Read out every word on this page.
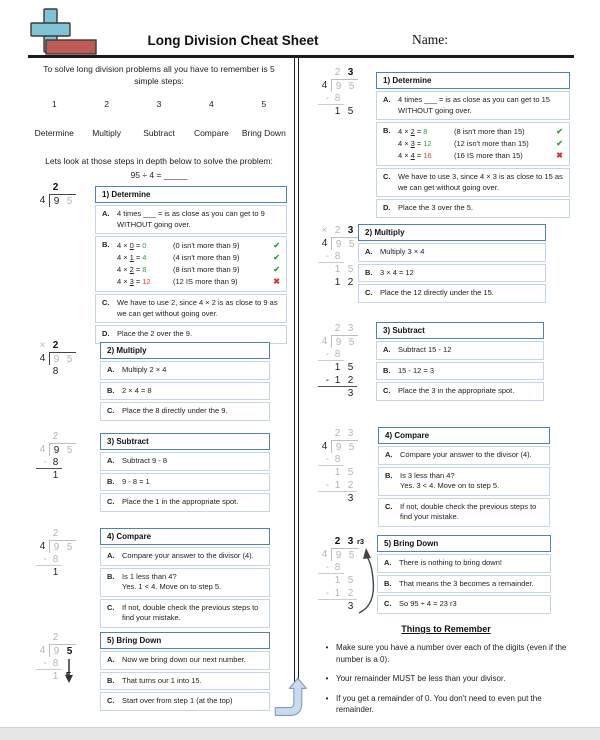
Long Division Cheat Sheet	Name:
To solve long division problems all you have to remember is 5 simple steps:
1	2	3	4	5
Determine	Multiply	Subtract	Compare	Bring Down
Lets look at those steps in depth below to solve the problem:
95 ÷ 4 = _____
2
4 9 5
× 2
4 9 5
8
2
4 9 5
- 8
1
2
4 9 5
- 8
1
2
4 9 5
- 8
1
1) Determine
A.	4 times ___ = is as close as you can get to 9 WITHOUT going over.
B.	4 × 0 = 0	(0 isn't more than 9)	✔
4 × 1 = 4	(4 isn't more than 9)	✔
4 × 2 = 8	(8 isn't more than 9)	✔
4 × 3 = 12	(12 IS more than 9)	✖
C.	We have to use 2, since 4 × 2 is as close to 9 as we can get without going over.
D.	Place the 2 over the 9.
2) Multiply
A.	Multiply 2 × 4
B.	2 × 4 = 8
C.	Place the 8 directly under the 9.
3) Subtract
A.	Subtract 9 - 8
B.	9 - 8 = 1
C.	Place the 1 in the appropriate spot.
4) Compare
A.	Compare your answer to the divisor (4).
B.	Is 1 less than 4?
Yes. 1 < 4. Move on to step 5.
C.	If not, double check the previous steps to find your mistake.
5) Bring Down
A.	Now we bring down our next number.
B.	That turns our 1 into 15.
C.	Start over from step 1 (at the top)
2 3
4 9 5
- 8
1 5
× 2 3
4 9 5
- 8
1 5
1 2
2 3
4 9 5
- 8
1 5
- 1 2
3
2 3
4 9 5
- 8
1 5
- 1 2
3
2 3 r3
4 9 5
- 8
1 5
- 1 2
3
1) Determine
A.	4 times ___ = is as close as you can get to 15 WITHOUT going over.
B.	4 × 2 = 8	(8 isn't more than 15)	✔
4 × 3 = 12	(12 isn't more than 15)	✔
4 × 4 = 16	(16 IS more than 15)	✖
C.	We have to use 3, since 4 × 3 is as close to 15 as we can get without going over.
D.	Place the 3 over the 5.
2) Multiply
A.	Multiply 3 × 4
B.	3 × 4 = 12
C.	Place the 12 directly under the 15.
3) Subtract
A.	Subtract 15 - 12
B.	15 - 12 = 3
C.	Place the 3 in the appropriate spot.
4) Compare
A.	Compare your answer to the divisor (4).
B.	Is 3 less than 4?
Yes. 3 < 4. Move on to step 5.
C.	If not, double check the previous steps to find your mistake.
5) Bring Down
A.	There is nothing to bring down!
B.	That means the 3 becomes a remainder.
C.	So 95 ÷ 4 = 23 r3
Things to Remember
• Make sure you have a number over each of the digits (even if the number is a 0).
• Your remainder MUST be less than your divisor.
• If you get a remainder of 0. You don't need to even put the remainder.
